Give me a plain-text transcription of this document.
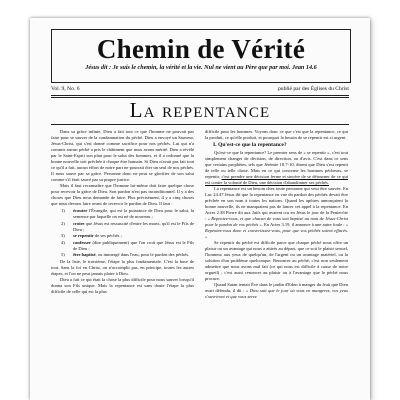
Chemin de Vérité
Jésus dit : Je suis le chemin, la vérité et la vie. Nul ne vient au Père que par moi. Jean 14.6
Vol. 9, No. 6	publié par des Églises du Christ
La repentance

Dans sa grâce infinie, Dieu a fait tout ce que l'homme ne pouvait pas faire pour se sauver de la condamnation du péché. Dieu a envoyé un Sauveur, Jésus-Christ, qui s'est donné comme sacrifice pour nos péchés. Lui qui n'a commis aucun péché a pris le châtiment que nous avons mérité. Dieu a révélé par le Saint-Esprit son plan pour le salut des hommes, et il a ordonné que la bonne nouvelle soit prêchée à chaque être humain. Si Dieu n'avait pas fait tout ce qu'il a fait, aucun effort de notre part ne pourrait ôter un seul de nos péchés. Il nous sauve par sa grâce. Personne donc ne peut se glorifier de son salut comme s'il était sauvé par sa propre justice.

Mais il faut reconnaître que l'homme lui-même doit faire quelque chose pour recevoir la grâce de Dieu. Son pardon n'est pas inconditionnel. Il y a des choses que Dieu nous demande de faire. Plus précisément, il y a cinq choses que nous devons faire avant de recevoir le pardon de Dieu. Il faut :

1) écouter l'Évangile, qui est la puissance de Dieu pour le salut, la semence par laquelle on est né de nouveau ;
2) croire que Jésus est ressuscité d'entre les morts, qu'il est le Fils de Dieu ;
3) se repentir de ses péchés ;
4) confesser (dire publiquement) que l'on croit que Jésus est le Fils de Dieu ;
5) être baptisé, ou immergé dans l'eau, pour le pardon des péchés.

De la liste, le troisième, l'étape la plus fondamentale. C'est la base de tout. Sans la foi en Christ, on n'accomplit pas, en principe, toutes les autres étapes, et l'on ne peut jamais plaire à Dieu.

Dieu a fait ce qui était la chose la plus difficile pour nous sauver lorsqu'il donna son Fils unique. Mais la repentance est sans doute l'étape la plus difficile de celle qui est la plus

difficile pour les hommes. Voyons donc ce que c'est que la repentance, ce qui la produit, ce qu'elle produit, et pourquoi la besoin de se repentir est si urgent.

I. Qu'est-ce que la repentance?

Qu'est-ce que la repentance? Le premier sens de « se repentir », c'est tout simplement changer de décision, de direction, ou d'avis. C'est dans ce sens que certains prophètes, tels que Jérémie 18.7-10, disent que Dieu s'est repenti de telle ou telle chose. Mais en ce qui concerne les hommes pécheurs, se repentir, c'est prendre une décision ferme et sincère de se détourner de ce qui est contre la volonté de Dieu, une décision d'abandonner ses péchés.

La repentance est un besoin chez toute personne qui veut être sauvée. En Luc 24.47 Jésus dit que la repentance en vue du pardon des péchés devait être prêchée en son nom à toutes les nations. Quand les apôtres annonçaient la bonne nouvelle, ils ne manquaient pas de lancer cet appel à la repentance. En Actes 2.38 Pierre dit aux Juifs qui avaient cru en Jésus le jour de la Pentecôte : « Repentez-vous, et que chacun de vous soit baptisé au nom de Jésus-Christ pour le pardon de vos péchés ». En Actes 3.19, il annonce à une autre foule : « Repentez-vous donc et convertissez-vous, pour que vos péchés soient effacés. »

Se repentir du péché est difficile parce que chaque péché nous offre un plaisir ou un avantage qui nous a attirés au départ, que ce soit le plaisir sexuel, l'honneur aux yeux de quelqu'un, de l'argent ou un avantage matériel, ou la solution d'un problème quelconque. Renoncer au péché, c'est non seulement admettre que nous avons mal fait (ce qui nous est difficile à cause de notre orgueil) ; c'est aussi renoncer au plaisir ou à l'avantage que le péché nous procure.

Quand Satan tentait Ève dans le jardin d'Eden à manger du fruit que Dieu avait défendu, il dit : « Dieu sait que le jour où vous en mangerez, vos yeux s'ouvriront et que vous serez
